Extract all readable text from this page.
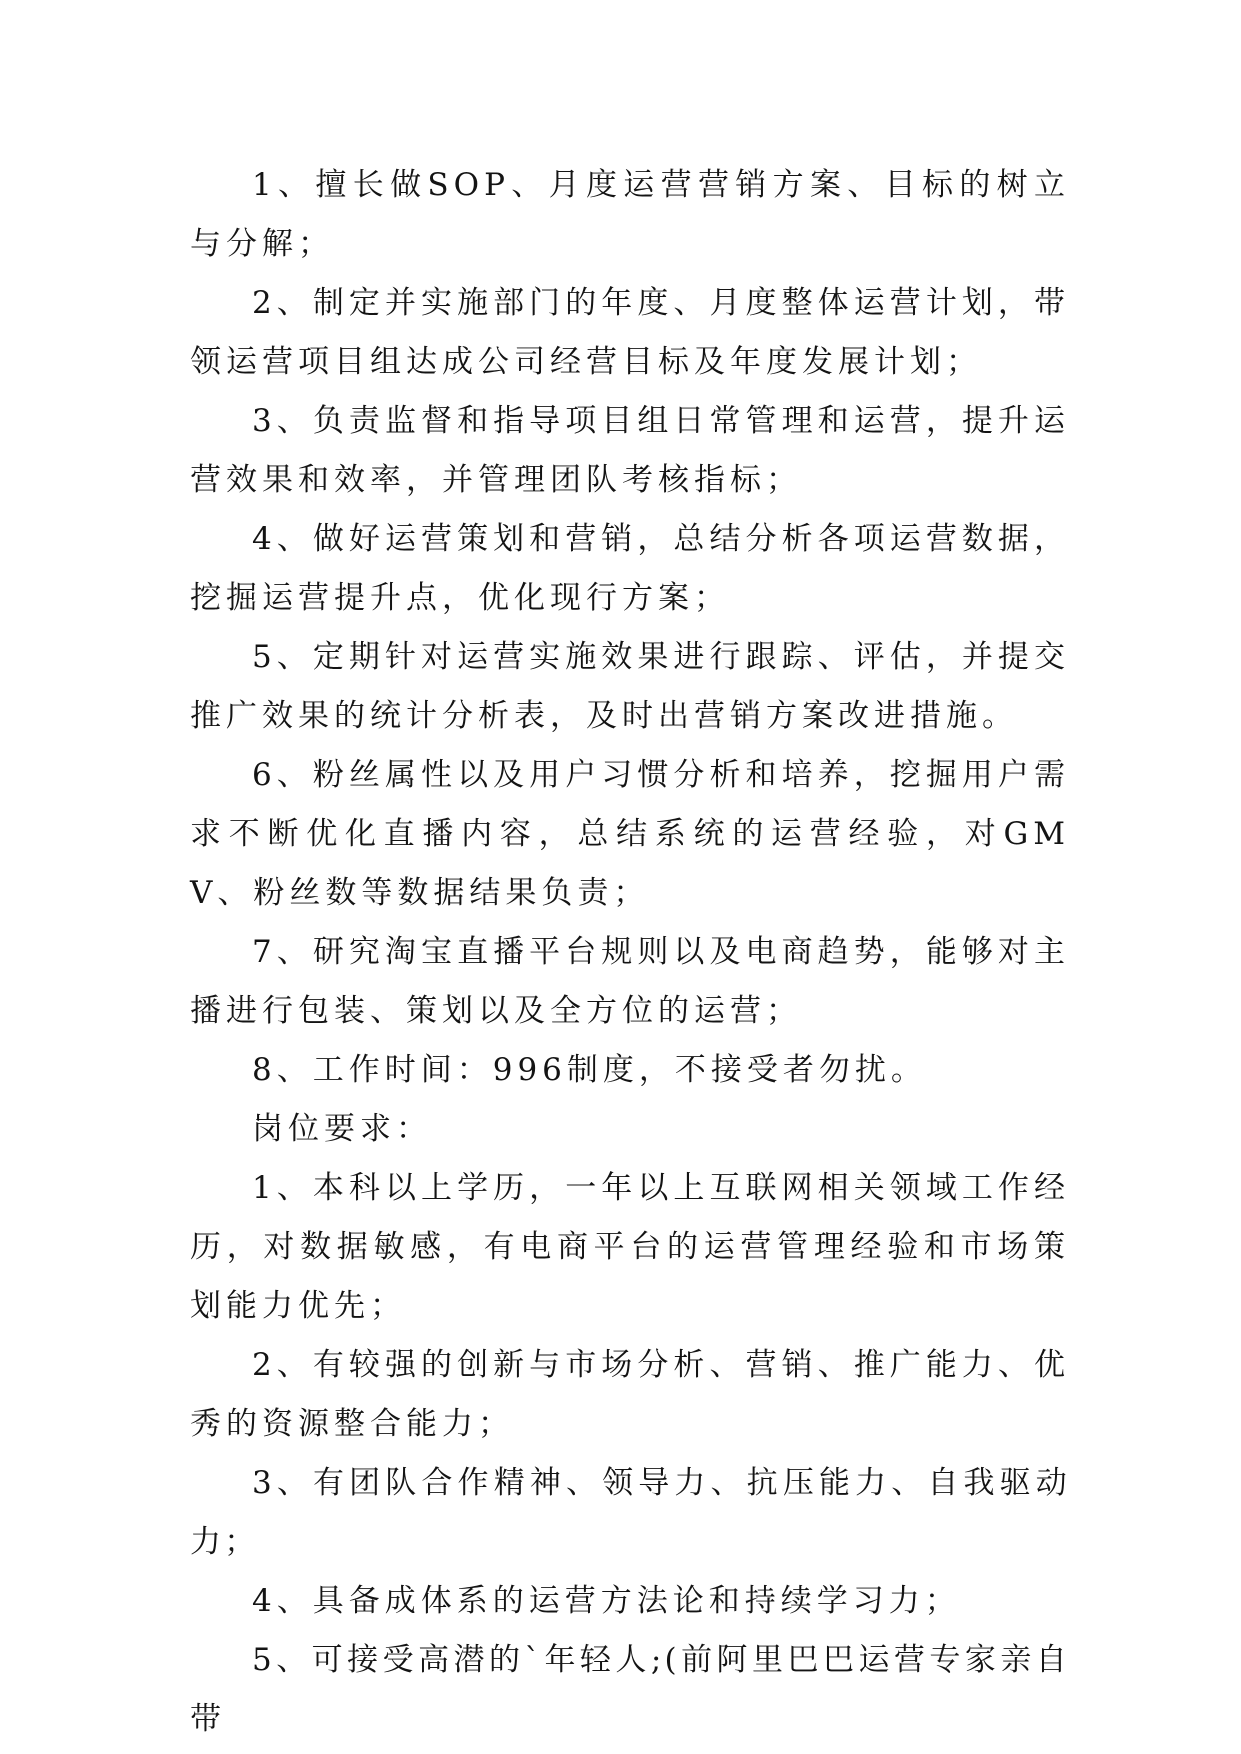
1、擅长做SOP、月度运营营销方案、目标的树立与分解；

2、制定并实施部门的年度、月度整体运营计划，带领运营项目组达成公司经营目标及年度发展计划；

3、负责监督和指导项目组日常管理和运营，提升运营效果和效率，并管理团队考核指标；

4、做好运营策划和营销，总结分析各项运营数据，挖掘运营提升点，优化现行方案；

5、定期针对运营实施效果进行跟踪、评估，并提交推广效果的统计分析表，及时出营销方案改进措施。

6、粉丝属性以及用户习惯分析和培养，挖掘用户需求不断优化直播内容，总结系统的运营经验，对GMV、粉丝数等数据结果负责；

7、研究淘宝直播平台规则以及电商趋势，能够对主播进行包装、策划以及全方位的运营；

8、工作时间：996制度，不接受者勿扰。

岗位要求：

1、本科以上学历，一年以上互联网相关领域工作经历，对数据敏感，有电商平台的运营管理经验和市场策划能力优先；

2、有较强的创新与市场分析、营销、推广能力、优秀的资源整合能力；

3、有团队合作精神、领导力、抗压能力、自我驱动力；

4、具备成体系的运营方法论和持续学习力；

5、可接受高潜的`年轻人;(前阿里巴巴运营专家亲自带
